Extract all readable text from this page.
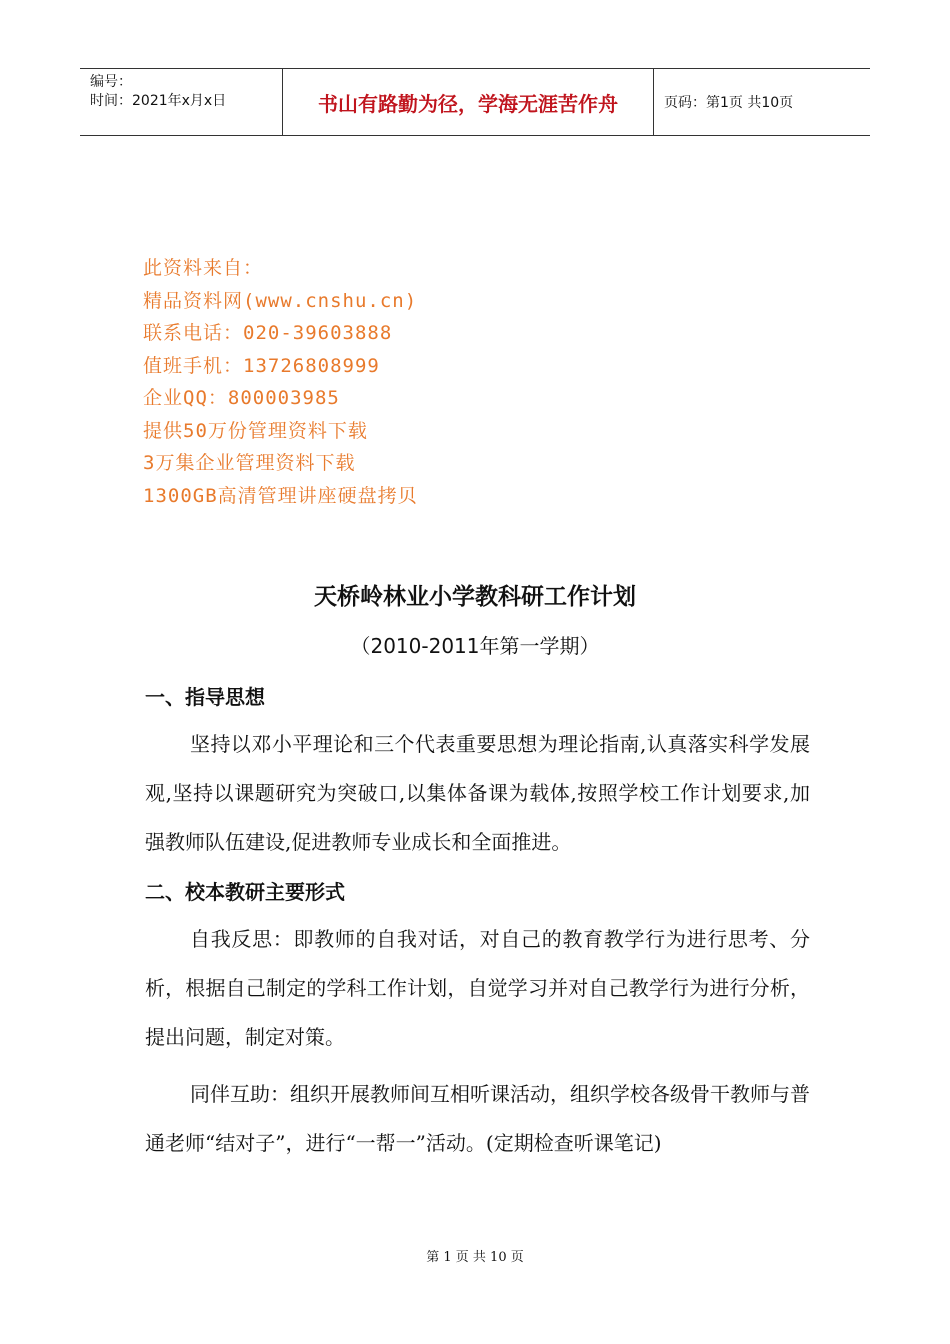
编号：
时间：2021年x月x日	书山有路勤为径，学海无涯苦作舟	页码：第1页 共10页
此资料来自：
精品资料网(www.cnshu.cn)
联系电话：020-39603888
值班手机：13726808999
企业QQ：800003985
提供50万份管理资料下载
3万集企业管理资料下载
1300GB高清管理讲座硬盘拷贝
天桥岭林业小学教科研工作计划
（2010-2011年第一学期）
一、指导思想

坚持以邓小平理论和三个代表重要思想为理论指南,认真落实科学发展观,坚持以课题研究为突破口,以集体备课为载体,按照学校工作计划要求,加强教师队伍建设,促进教师专业成长和全面推进。

二、校本教研主要形式

自我反思：即教师的自我对话，对自己的教育教学行为进行思考、分析，根据自己制定的学科工作计划，自觉学习并对自己教学行为进行分析，提出问题，制定对策。

同伴互助：组织开展教师间互相听课活动，组织学校各级骨干教师与普通老师“结对子”，进行“一帮一”活动。(定期检查听课笔记)

第 1 页 共 10 页
